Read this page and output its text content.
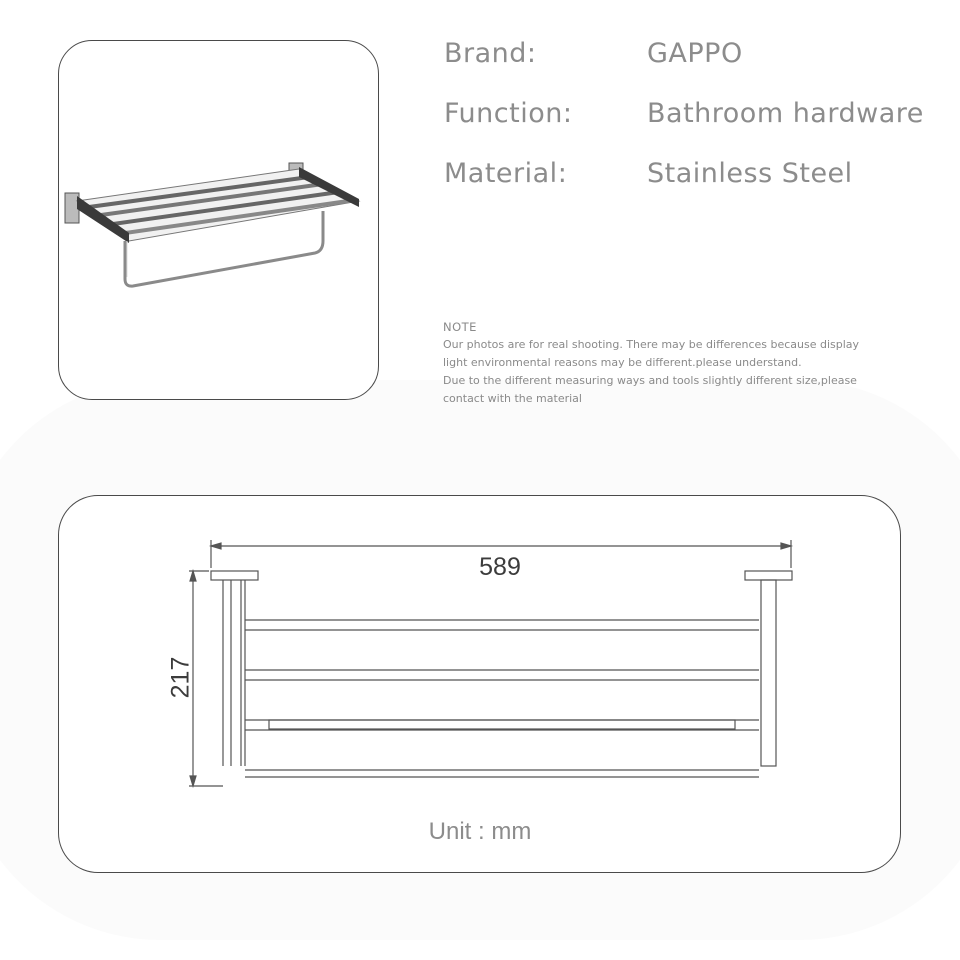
Brand:	GAPPO
Function:	Bathroom hardware
Material:	Stainless Steel
NOTE
Our photos are for real shooting. There may be differences because display
light environmental reasons may be different.please understand.
Due to the different measuring ways and tools slightly different size,please
contact with the material
589
217
Unit : mm
